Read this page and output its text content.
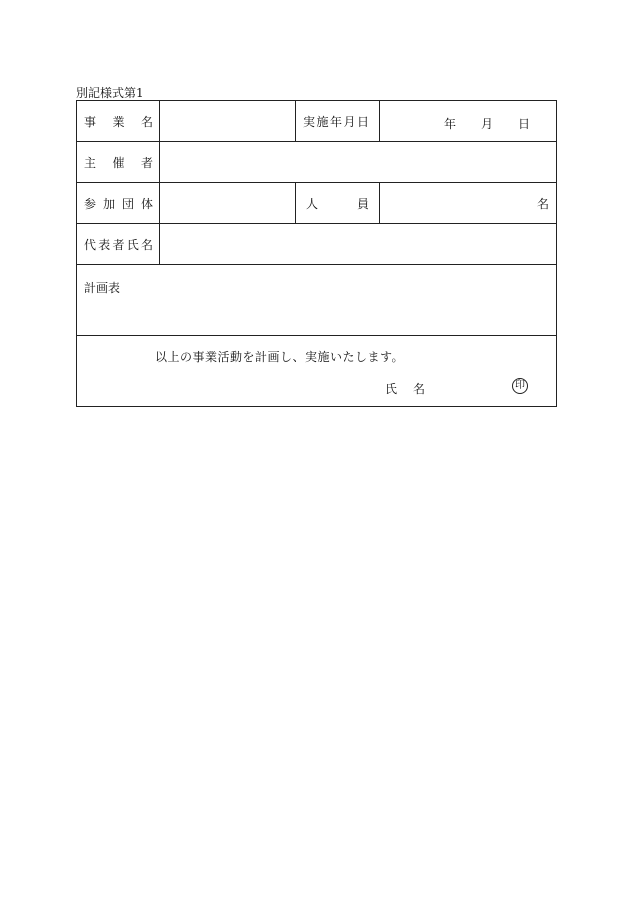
別記様式第1
事 業 名		実 施 年 月 日	年 月 日

主 催 者			

参 加 団 体		人 員	名

代 表 者 氏 名			

計画表			

以上の事業活動を計画し、実施いたします。
氏 名 印			
